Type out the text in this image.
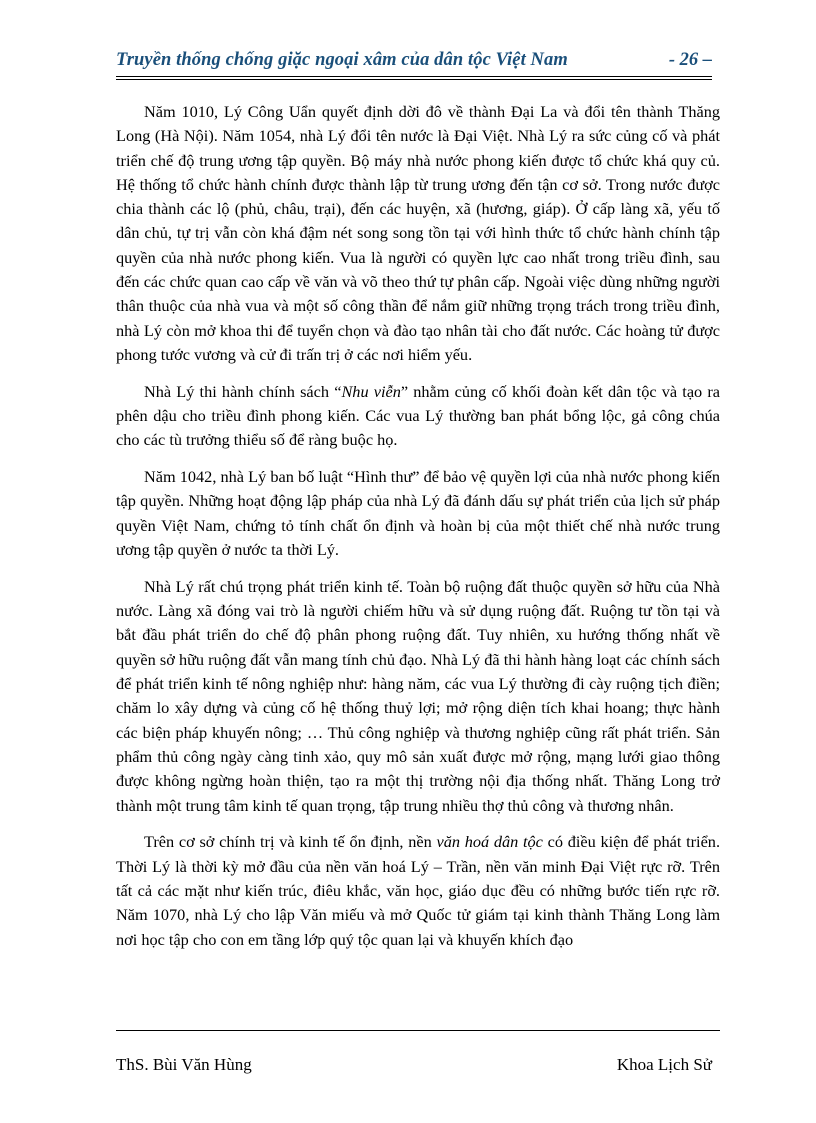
Truyền thống chống giặc ngoại xâm của dân tộc Việt Nam	- 26 –

Năm 1010, Lý Công Uẩn quyết định dời đô về thành Đại La và đổi tên thành Thăng Long (Hà Nội). Năm 1054, nhà Lý đổi tên nước là Đại Việt. Nhà Lý ra sức củng cố và phát triển chế độ trung ương tập quyền. Bộ máy nhà nước phong kiến được tổ chức khá quy củ. Hệ thống tổ chức hành chính được thành lập từ trung ương đến tận cơ sở. Trong nước được chia thành các lộ (phủ, châu, trại), đến các huyện, xã (hương, giáp). Ở cấp làng xã, yếu tố dân chủ, tự trị vẫn còn khá đậm nét song song tồn tại với hình thức tổ chức hành chính tập quyền của nhà nước phong kiến. Vua là người có quyền lực cao nhất trong triều đình, sau đến các chức quan cao cấp về văn và võ theo thứ tự phân cấp. Ngoài việc dùng những người thân thuộc của nhà vua và một số công thần để nắm giữ những trọng trách trong triều đình, nhà Lý còn mở khoa thi để tuyển chọn và đào tạo nhân tài cho đất nước. Các hoàng tử được phong tước vương và cử đi trấn trị ở các nơi hiểm yếu.

Nhà Lý thi hành chính sách “Nhu viễn” nhằm củng cố khối đoàn kết dân tộc và tạo ra phên dậu cho triều đình phong kiến. Các vua Lý thường ban phát bổng lộc, gả công chúa cho các tù trưởng thiểu số để ràng buộc họ.

Năm 1042, nhà Lý ban bố luật “Hình thư” để bảo vệ quyền lợi của nhà nước phong kiến tập quyền. Những hoạt động lập pháp của nhà Lý đã đánh dấu sự phát triển của lịch sử pháp quyền Việt Nam, chứng tỏ tính chất ổn định và hoàn bị của một thiết chế nhà nước trung ương tập quyền ở nước ta thời Lý.

Nhà Lý rất chú trọng phát triển kinh tế. Toàn bộ ruộng đất thuộc quyền sở hữu của Nhà nước. Làng xã đóng vai trò là người chiếm hữu và sử dụng ruộng đất. Ruộng tư tồn tại và bắt đầu phát triển do chế độ phân phong ruộng đất. Tuy nhiên, xu hướng thống nhất về quyền sở hữu ruộng đất vẫn mang tính chủ đạo. Nhà Lý đã thi hành hàng loạt các chính sách để phát triển kinh tế nông nghiệp như: hàng năm, các vua Lý thường đi cày ruộng tịch điền; chăm lo xây dựng và củng cố hệ thống thuỷ lợi; mở rộng diện tích khai hoang; thực hành các biện pháp khuyến nông; … Thủ công nghiệp và thương nghiệp cũng rất phát triển. Sản phẩm thủ công ngày càng tinh xảo, quy mô sản xuất được mở rộng, mạng lưới giao thông được không ngừng hoàn thiện, tạo ra một thị trường nội địa thống nhất. Thăng Long trở thành một trung tâm kinh tế quan trọng, tập trung nhiều thợ thủ công và thương nhân.

Trên cơ sở chính trị và kinh tế ổn định, nền văn hoá dân tộc có điều kiện để phát triển. Thời Lý là thời kỳ mở đầu của nền văn hoá Lý – Trần, nền văn minh Đại Việt rực rỡ. Trên tất cả các mặt như kiến trúc, điêu khắc, văn học, giáo dục đều có những bước tiến rực rỡ. Năm 1070, nhà Lý cho lập Văn miếu và mở Quốc tử giám tại kinh thành Thăng Long làm nơi học tập cho con em tầng lớp quý tộc quan lại và khuyến khích đạo

ThS. Bùi Văn Hùng	Khoa Lịch Sử
